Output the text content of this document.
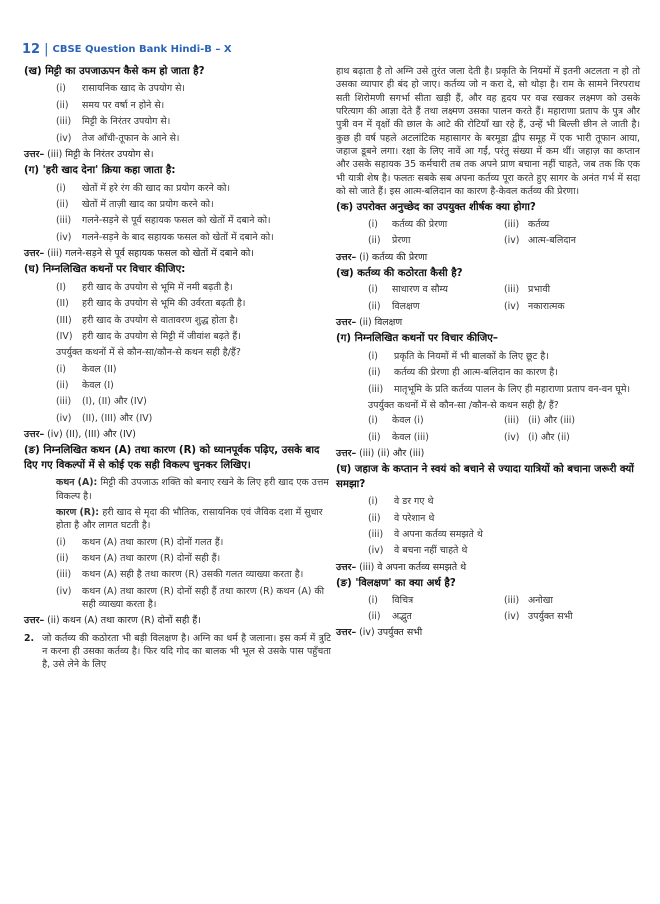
12 | CBSE Question Bank Hindi-B – X
(ख) मिट्टी का उपजाऊपन कैसे कम हो जाता है?
(i)	रासायनिक खाद के उपयोग से।
(ii)	समय पर वर्षा न होने से।
(iii)	मिट्टी के निरंतर उपयोग से।
(iv)	तेज आँधी-तूफान के आने से।
उत्तर– (iii) मिट्टी के निरंतर उपयोग से।
(ग) 'हरी खाद देना' क्रिया कहा जाता है:
(i)	खेतों में हरे रंग की खाद का प्रयोग करने को।
(ii)	खेतों में ताज़ी खाद का प्रयोग करने को।
(iii)	गलने-सड़ने से पूर्व सहायक फसल को खेतों में दबाने को।
(iv)	गलने-सड़ने के बाद सहायक फसल को खेतों में दबाने को।
उत्तर– (iii) गलने-सड़ने से पूर्व सहायक फसल को खेतों में दबाने को।
(घ) निम्नलिखित कथनों पर विचार कीजिए:
(I)	हरी खाद के उपयोग से भूमि में नमी बढ़ती है।
(II)	हरी खाद के उपयोग से भूमि की उर्वरता बढ़ती है।
(III)	हरी खाद के उपयोग से वातावरण शुद्ध होता है।
(IV)	हरी खाद के उपयोग से मिट्टी में जीवांश बढ़ते हैं।
उपर्युक्त कथनों में से कौन-सा/कौन-से कथन सही है/हैं?
(i)	केवल (II)
(ii)	केवल (I)
(iii)	(I), (II) और (IV)
(iv)	(II), (III) और (IV)
उत्तर– (iv) (II), (III) और (IV)
(ङ) निम्नलिखित कथन (A) तथा कारण (R) को ध्यानपूर्वक पढ़िए, उसके बाद दिए गए विकल्पों में से कोई एक सही विकल्प चुनकर लिखिए।
कथन (A): मिट्टी की उपजाऊ शक्ति को बनाए रखने के लिए हरी खाद एक उत्तम विकल्प है।
कारण (R): हरी खाद से मृदा की भौतिक, रासायनिक एवं जैविक दशा में सुधार होता है और लागत घटती है।
(i)	कथन (A) तथा कारण (R) दोनों गलत हैं।
(ii)	कथन (A) तथा कारण (R) दोनों सही हैं।
(iii)	कथन (A) सही है तथा कारण (R) उसकी गलत व्याख्या करता है।
(iv)	कथन (A) तथा कारण (R) दोनों सही हैं तथा कारण (R) कथन (A) की सही व्याख्या करता है।
उत्तर– (ii) कथन (A) तथा कारण (R) दोनों सही हैं।
2. जो कर्तव्य की कठोरता भी बड़ी विलक्षण है। अग्नि का धर्म है जलाना। इस कर्म में त्रुटि न करना ही उसका कर्तव्य है। फिर यदि गोद का बालक भी भूल से उसके पास पहुँचता है, उसे लेने के लिए
हाथ बढ़ाता है तो अग्नि उसे तुरंत जला देती है। प्रकृति के नियमों में इतनी अटलता न हो तो उसका व्यापार ही बंद हो जाए। कर्तव्य जो न करा दे, सो थोड़ा है। राम के सामने निरपराध सती शिरोमणी सगर्भा सीता खड़ी हैं, और वह हृदय पर वज्र रखकर लक्ष्मण को उसके परित्याग की आज्ञा देते हैं तथा लक्ष्मण उसका पालन करते हैं। महाराणा प्रताप के पुत्र और पुत्री वन में वृक्षों की छाल के आटे की रोटियाँ खा रहे हैं, उन्हें भी बिल्ली छीन ले जाती है। कुछ ही वर्ष पहले अटलांटिक महासागर के बरमूडा द्वीप समूह में एक भारी तूफान आया, जहाज डूबने लगा। रक्षा के लिए नावें आ गईं, परंतु संख्या में कम थीं। जहाज़ का कप्तान और उसके सहायक 35 कर्मचारी तब तक अपने प्राण बचाना नहीं चाहते, जब तक कि एक भी यात्री शेष है। फलतः सबके सब अपना कर्तव्य पूरा करते हुए सागर के अनंत गर्भ में सदा को सो जाते हैं। इस आत्म-बलिदान का कारण है-केवल कर्तव्य की प्रेरणा।
(क) उपरोक्त अनुच्छेद का उपयुक्त शीर्षक क्या होगा?
(i)	कर्तव्य की प्रेरणा	(iii) कर्तव्य
(ii)	प्रेरणा	(iv) आत्म-बलिदान
उत्तर– (i) कर्तव्य की प्रेरणा
(ख) कर्तव्य की कठोरता कैसी है?
(i)	साधारण व सौम्य	(iii) प्रभावी
(ii)	विलक्षण	(iv) नकारात्मक
उत्तर– (ii) विलक्षण
(ग) निम्नलिखित कथनों पर विचार कीजिए–
(i)	प्रकृति के नियमों में भी बालकों के लिए छूट है।
(ii)	कर्तव्य की प्रेरणा ही आत्म-बलिदान का कारण है।
(iii)	मातृभूमि के प्रति कर्तव्य पालन के लिए ही महाराणा प्रताप वन-वन घूमे।
उपर्युक्त कथनों में से कौन-सा /कौन-से कथन सही है/ हैं?
(i)	केवल (i)	(iii) (ii) और (iii)
(ii)	केवल (iii)	(iv) (i) और (ii)
उत्तर– (iii) (ii) और (iii)
(घ) जहाज के कप्तान ने स्वयं को बचाने से ज्यादा यात्रियों को बचाना जरूरी क्यों समझा?
(i)	वे डर गए थे
(ii)	वे परेशान थे
(iii)	वे अपना कर्तव्य समझते थे
(iv)	वे बचना नहीं चाहते थे
उत्तर– (iii) वे अपना कर्तव्य समझते थे
(ङ) 'विलक्षण' का क्या अर्थ है?
(i)	विचित्र	(iii) अनोखा
(ii)	अद्भुत	(iv) उपर्युक्त सभी
उत्तर– (iv) उपर्युक्त सभी
